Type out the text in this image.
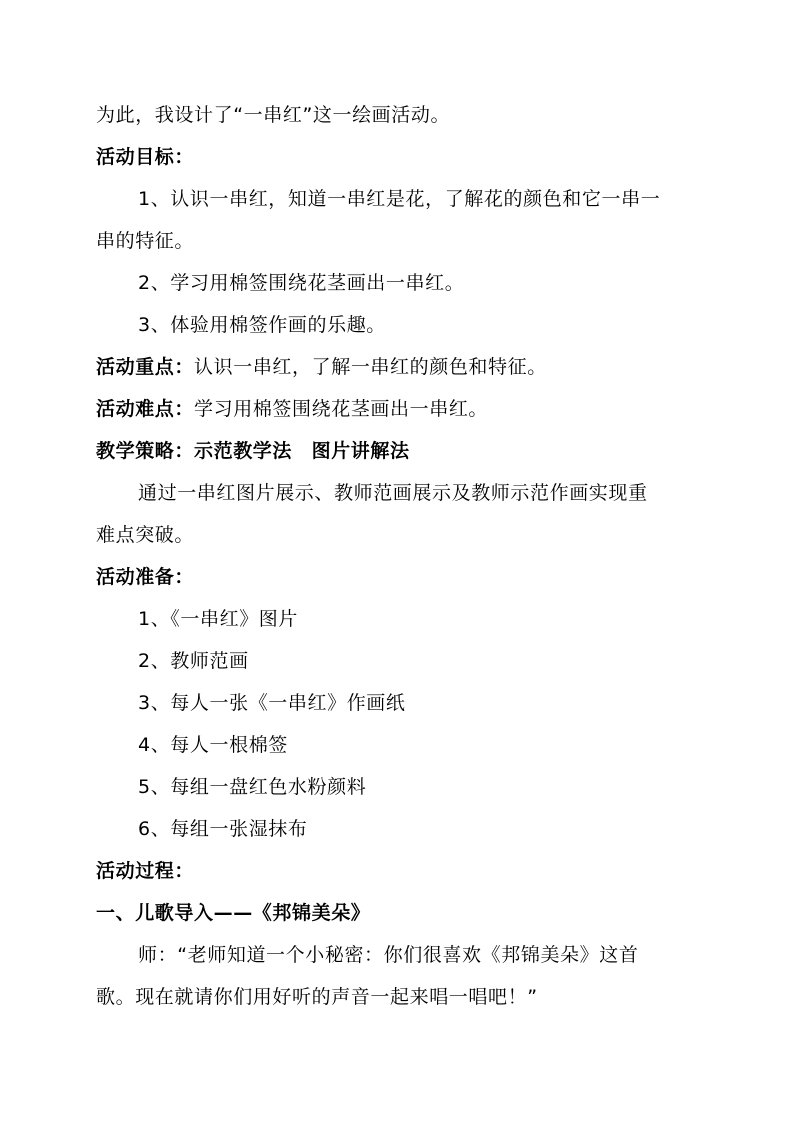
为此，我设计了“一串红”这一绘画活动。
活动目标：
1、认识一串红，知道一串红是花，了解花的颜色和它一串一
串的特征。
2、学习用棉签围绕花茎画出一串红。
3、体验用棉签作画的乐趣。
活动重点：认识一串红，了解一串红的颜色和特征。
活动难点：学习用棉签围绕花茎画出一串红。
教学策略：示范教学法　图片讲解法
通过一串红图片展示、教师范画展示及教师示范作画实现重
难点突破。
活动准备：
1、《一串红》图片
2、教师范画
3、每人一张《一串红》作画纸
4、每人一根棉签
5、每组一盘红色水粉颜料
6、每组一张湿抹布
活动过程：
一、儿歌导入——《邦锦美朵》
师：“老师知道一个小秘密：你们很喜欢《邦锦美朵》这首
歌。现在就请你们用好听的声音一起来唱一唱吧！”
